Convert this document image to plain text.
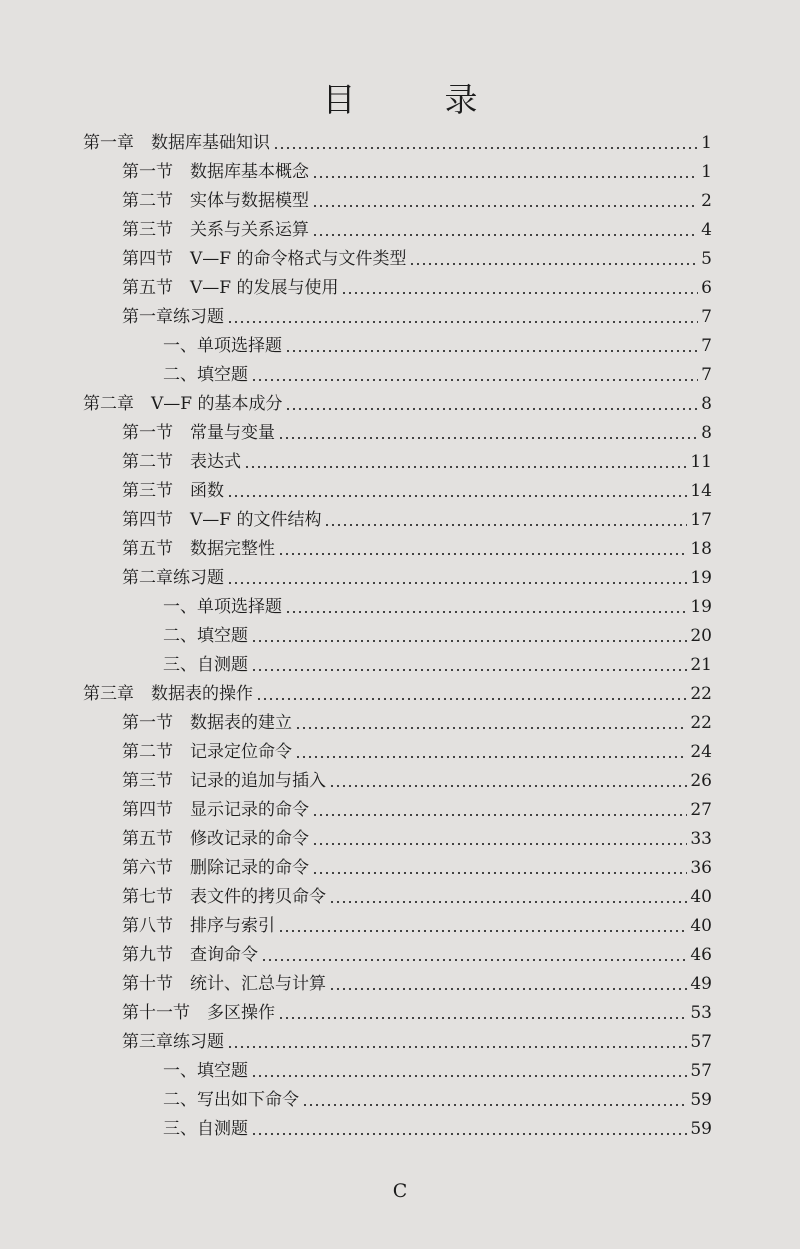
目　录
第一章　数据库基础知识	1
第一节　数据库基本概念	1
第二节　实体与数据模型	2
第三节　关系与关系运算	4
第四节　V—F 的命令格式与文件类型	5
第五节　V—F 的发展与使用	6
第一章练习题	7
一、单项选择题	7
二、填空题	7
第二章　V—F 的基本成分	8
第一节　常量与变量	8
第二节　表达式	11
第三节　函数	14
第四节　V—F 的文件结构	17
第五节　数据完整性	18
第二章练习题	19
一、单项选择题	19
二、填空题	20
三、自测题	21
第三章　数据表的操作	22
第一节　数据表的建立	22
第二节　记录定位命令	24
第三节　记录的追加与插入	26
第四节　显示记录的命令	27
第五节　修改记录的命令	33
第六节　删除记录的命令	36
第七节　表文件的拷贝命令	40
第八节　排序与索引	40
第九节　查询命令	46
第十节　统计、汇总与计算	49
第十一节　多区操作	53
第三章练习题	57
一、填空题	57
二、写出如下命令	59
三、自测题	59
C
